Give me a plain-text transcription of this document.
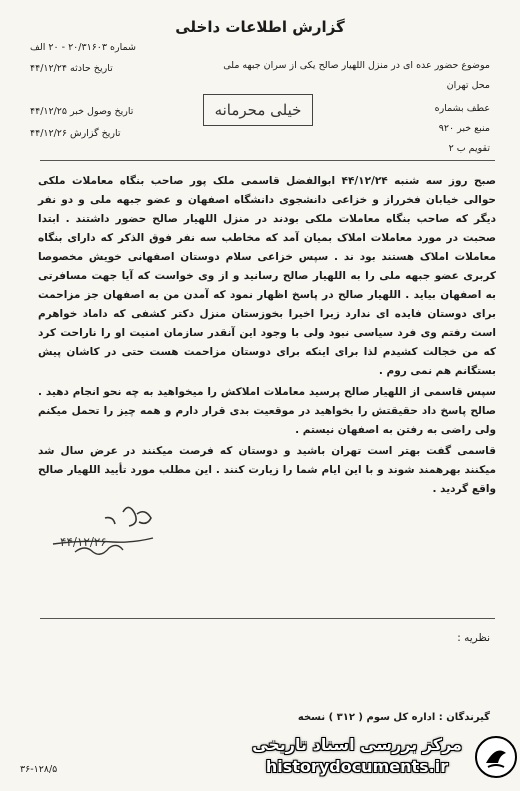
گزارش اطلاعات داخلی
شماره ۲۰/۳۱۶۰۳ - ۲۰ الف
تاریخ حادثه ۴۴/۱۲/۲۴
تاریخ وصول خبر ۴۴/۱۲/۲۵
تاریخ گزارش ۴۴/۱۲/۲۶
موضوع حضور عده ای در منزل اللهیار صالح یکی از سران جبهه ملی
محل تهران
عطف بشماره
منبع خبر ۹۲۰
تقویم ب ۲
خیلی محرمانه

صبح روز سه شنبه ۴۴/۱۲/۲۴ ابوالفضل قاسمی ملک پور صاحب بنگاه معاملات ملکی حوالی خیابان فخرراز و خزاعی دانشجوی دانشگاه اصفهان و عضو جبهه ملی و دو نفر دیگر که صاحب بنگاه معاملات ملکی بودند در منزل اللهیار صالح حضور داشتند . ابتدا صحبت در مورد معاملات املاک بمیان آمد که مخاطب سه نفر فوق الذکر که دارای بنگاه معاملات املاک هستند بود ند . سپس خزاعی سلام دوستان اصفهانی خویش مخصوصا کربری عضو جبهه ملی را به اللهیار صالح رسانید و از وی خواست که آیا جهت مسافرتی به اصفهان بیاید . اللهیار صالح در پاسخ اظهار نمود که آمدن من به اصفهان جز مزاحمت برای دوستان فایده ای ندارد زیرا اخیرا بخوزستان منزل دکتر کشفی که داماد خواهرم است رفتم وی فرد سیاسی نبود ولی با وجود این آنقدر سازمان امنیت او را ناراحت کرد که من خجالت کشیدم لذا برای اینکه برای دوستان مزاحمت هست حتی در کاشان پیش بستگانم هم نمی روم .

سپس قاسمی از اللهیار صالح پرسید معاملات املاکش را میخواهید به چه نحو انجام دهید . صالح پاسخ داد حقیقتش را بخواهید در موقعیت بدی قرار دارم و همه چیز را تحمل میکنم ولی راضی به رفتن به اصفهان نیستم .

قاسمی گفت بهتر است تهران باشید و دوستان که فرصت میکنند در عرض سال شد میکنند بهرهمند شوند و با این ایام شما را زیارت کنند . این مطلب مورد تأیید اللهیار صالح واقع گردید .

۴۴/۱۲/۲۶
نظریه :
گیرندگان : اداره کل سوم ( ۳۱۲ ) نسخه
۳۶-۱۲۸/۵
مرکز بررسی اسناد تاریخی
historydocuments.ir
